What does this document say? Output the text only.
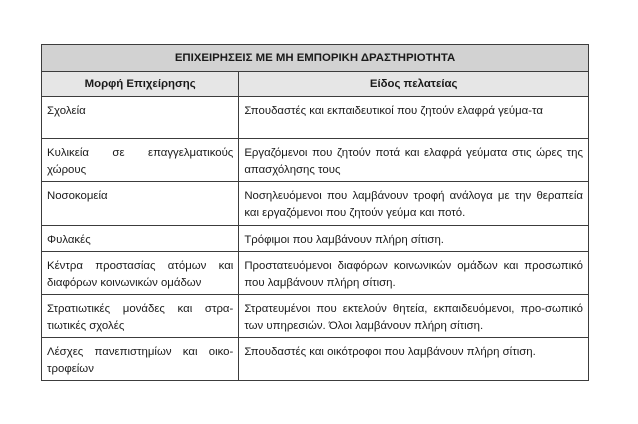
ΕΠΙΧΕΙΡΗΣΕΙΣ ΜΕ ΜΗ ΕΜΠΟΡΙΚΗ ΔΡΑΣΤΗΡΙΟΤΗΤΑ	
Μορφή Επιχείρησης	Είδος πελατείας
Σχολεία	Σπουδαστές και εκπαιδευτικοί που ζητούν ελαφρά γεύμα-τα
Κυλικεία σε επαγγελματικούς χώρους	Εργαζόμενοι που ζητούν ποτά και ελαφρά γεύματα στις ώρες της απασχόλησης τους
Νοσοκομεία	Νοσηλευόμενοι που λαμβάνουν τροφή ανάλογα με την θεραπεία και εργαζόμενοι που ζητούν γεύμα και ποτό.
Φυλακές	Τρόφιμοι που λαμβάνουν πλήρη σίτιση.
Κέντρα προστασίας ατόμων και διαφόρων κοινωνικών ομάδων	Προστατευόμενοι διαφόρων κοινωνικών ομάδων και προσωπικό που λαμβάνουν πλήρη σίτιση.
Στρατιωτικές μονάδες και στρα-τιωτικές σχολές	Στρατευμένοι που εκτελούν θητεία, εκπαιδευόμενοι, προ-σωπικό των υπηρεσιών. Όλοι λαμβάνουν πλήρη σίτιση.
Λέσχες πανεπιστημίων και οικο-τροφείων	Σπουδαστές και οικότροφοι που λαμβάνουν πλήρη σίτιση.
